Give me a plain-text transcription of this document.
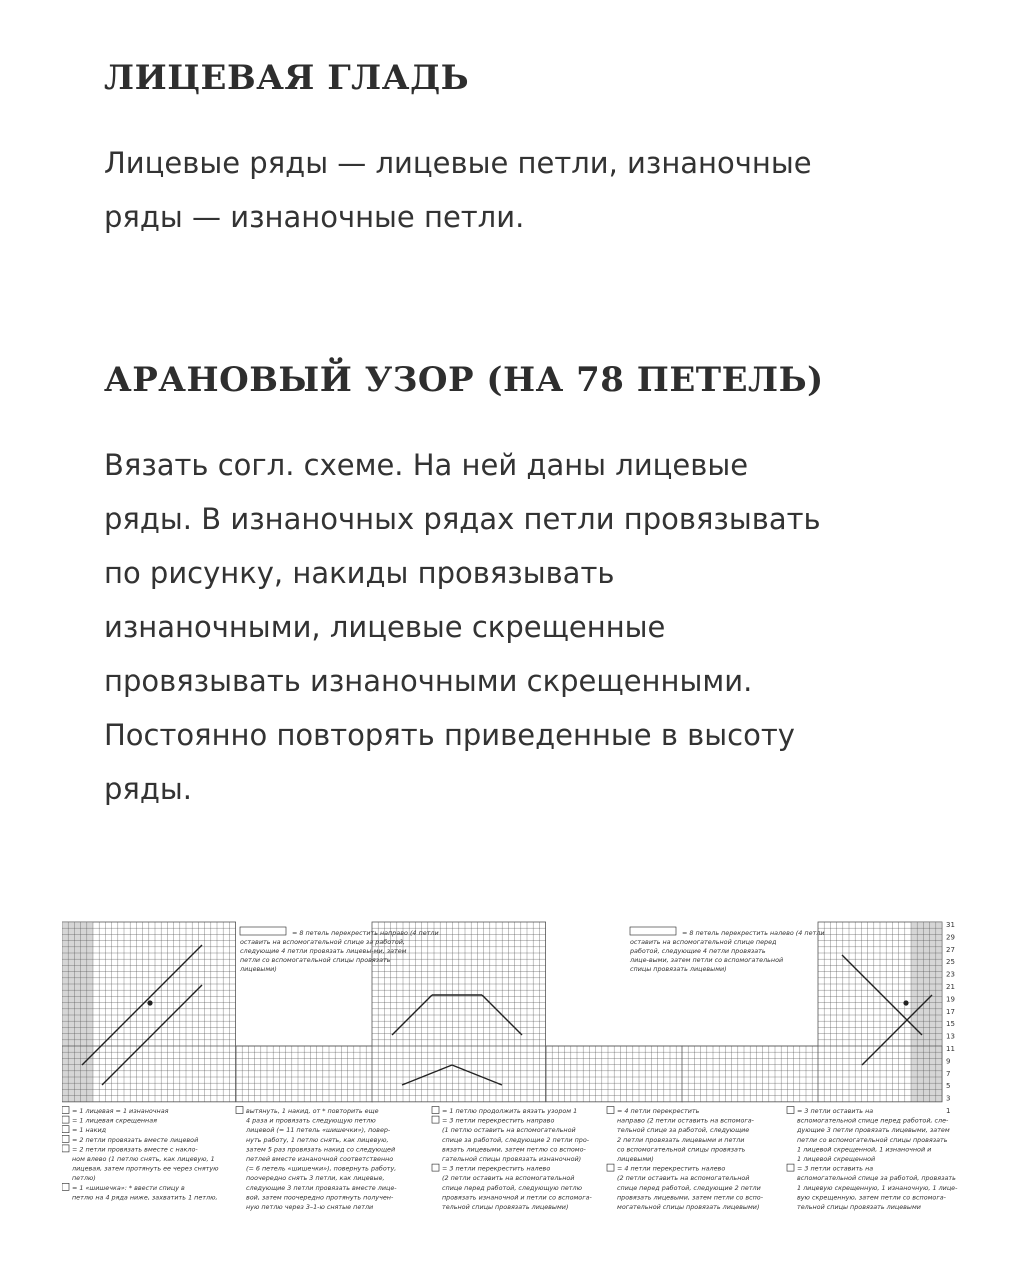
ЛИЦЕВАЯ ГЛАДЬ
Лицевые ряды — лицевые петли, изнаночные
ряды — изнаночные петли.
АРАНОВЫЙ УЗОР (НА 78 ПЕТЕЛЬ)
Вязать согл. схеме. На ней даны лицевые
ряды. В изнаночных рядах петли провязывать
по рисунку, накиды провязывать
изнаночными, лицевые скрещенные
провязывать изнаночными скрещенными.
Постоянно повторять приведенные в высоту
ряды.
31
29
27
25
23
21
19
17
15
13
11
9
7
5
3
1
= 8 петель перекрестить направо (4 петли
оставить на вспомогательной спице за работой,
следующие 4 петли провязать лицевы-ми, затем
петли со вспомогательной спицы провязать
лицевыми)
= 8 петель перекрестить налево (4 петли
оставить на вспомогательной спице перед
работой, следующие 4 петли провязать
лице-выми, затем петли со вспомогательной
спицы провязать лицевыми)
= 1 лицевая = 1 изнаночная
= 1 лицевая скрещенная
= 1 накид
= 2 петли провязать вместе лицевой
= 2 петли провязать вместе с накло-
ном влево (1 петлю снять, как лицевую, 1
лицевая, затем протянуть ее через снятую
петлю)
= 1 «шишечка»: * ввести спицу в
петлю на 4 ряда ниже, захватить 1 петлю,
вытянуть, 1 накид, от * повторить еще
4 раза и провязать следующую петлю
лицевой (= 11 петель «шишечки»), повер-
нуть работу, 1 петлю снять, как лицевую,
затем 5 раз провязать накид со следующей
петлей вместе изнаночной соответственно
(= 6 петель «шишечки»), повернуть работу,
поочередно снять 3 петли, как лицевые,
следующие 3 петли провязать вместе лице-
вой, затем поочередно протянуть получен-
ную петлю через 3–1-ю снятые петли
= 1 петлю продолжить вязать узором 1
= 3 петли перекрестить направо
(1 петлю оставить на вспомогательной
спице за работой, следующие 2 петли про-
вязать лицевыми, затем петлю со вспомо-
гательной спицы провязать изнаночной)
= 3 петли перекрестить налево
(2 петли оставить на вспомогательной
спице перед работой, следующую петлю
провязать изнаночной и петли со вспомога-
тельной спицы провязать лицевыми)
= 4 петли перекрестить
направо (2 петли оставить на вспомога-
тельной спице за работой, следующие
2 петли провязать лицевыми и петли
со вспомогательной спицы провязать
лицевыми)
= 4 петли перекрестить налево
(2 петли оставить на вспомогательной
спице перед работой, следующие 2 петли
провязать лицевыми, затем петли со вспо-
могательной спицы провязать лицевыми)
= 3 петли оставить на
вспомогательной спице перед работой, сле-
дующие 3 петли провязать лицевыми, затем
петли со вспомогательной спицы провязать
1 лицевой скрещенной, 1 изнаночной и
1 лицевой скрещенной
= 3 петли оставить на
вспомогательной спице за работой, провязать
1 лицевую скрещенную, 1 изнаночную, 1 лице-
вую скрещенную, затем петли со вспомога-
тельной спицы провязать лицевыми
